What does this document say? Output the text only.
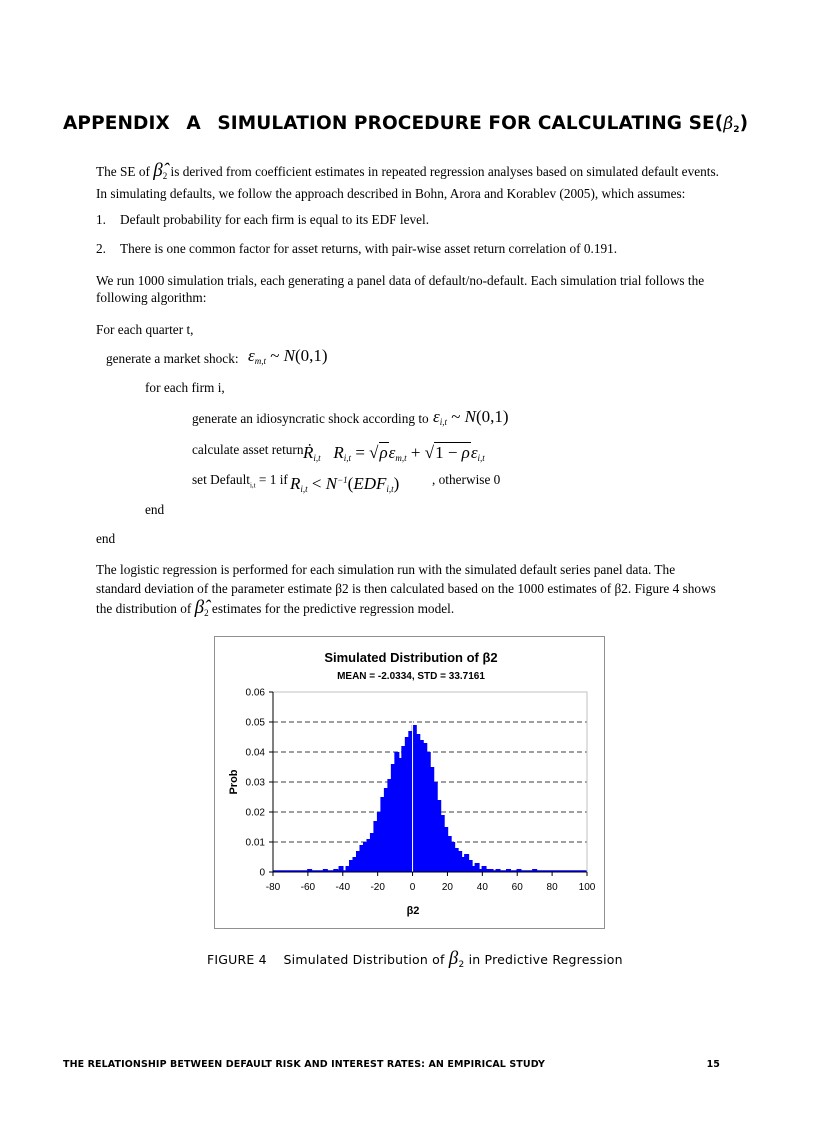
APPENDIX A SIMULATION PROCEDURE FOR CALCULATING $SE(\betâ_2)$
The SE of $\betâ_2$ is derived from coefficient estimates in repeated regression analyses based on simulated default events. In simulating defaults, we follow the approach described in Bohn, Arora and Korablev (2005), which assumes:
1. Default probability for each firm is equal to its EDF level.
2. There is one common factor for asset returns, with pair-wise asset return correlation of 0.191.
We run 1000 simulation trials, each generating a panel data of default/no-default. Each simulation trial follows the following algorithm:
For each quarter t,
generate a market shock: $\varepsilon_{m,t}$ ~ N(0,1)
for each firm i,
generate an idiosyncratic shock according to $\varepsilon_{i,t}$ ~ N(0,1)
calculate asset return Ṙ$_{i,t}$   $R_{i,t} = √\rho\varepsilon_{m,t} + √1 - \rho\varepsilon_{i,t}$
set Default$_{i,t}$ = 1 if $R_{i,t} < N^{-1}(EDF_{i,t})$ , otherwise 0
end
end
The logistic regression is performed for each simulation run with the simulated default series panel data. The standard deviation of the parameter estimate β2 is then calculated based on the 1000 estimates of β2. Figure 4 shows the distribution of $\betâ_2$ estimates for the predictive regression model.
Simulated Distribution of β2
MEAN = -2.0334, STD = 33.7161
Prob
β2
0
0.01
0.02
0.03
0.04
0.05
0.06
-80 -60 -40 -20 0	20 40 60 80 100
FIGURE 4 Simulated Distribution of $\beta_2$ in Predictive Regression
THE RELATIONSHIP BETWEEN DEFAULT RISK AND INTEREST RATES: AN EMPIRICAL STUDY	15
